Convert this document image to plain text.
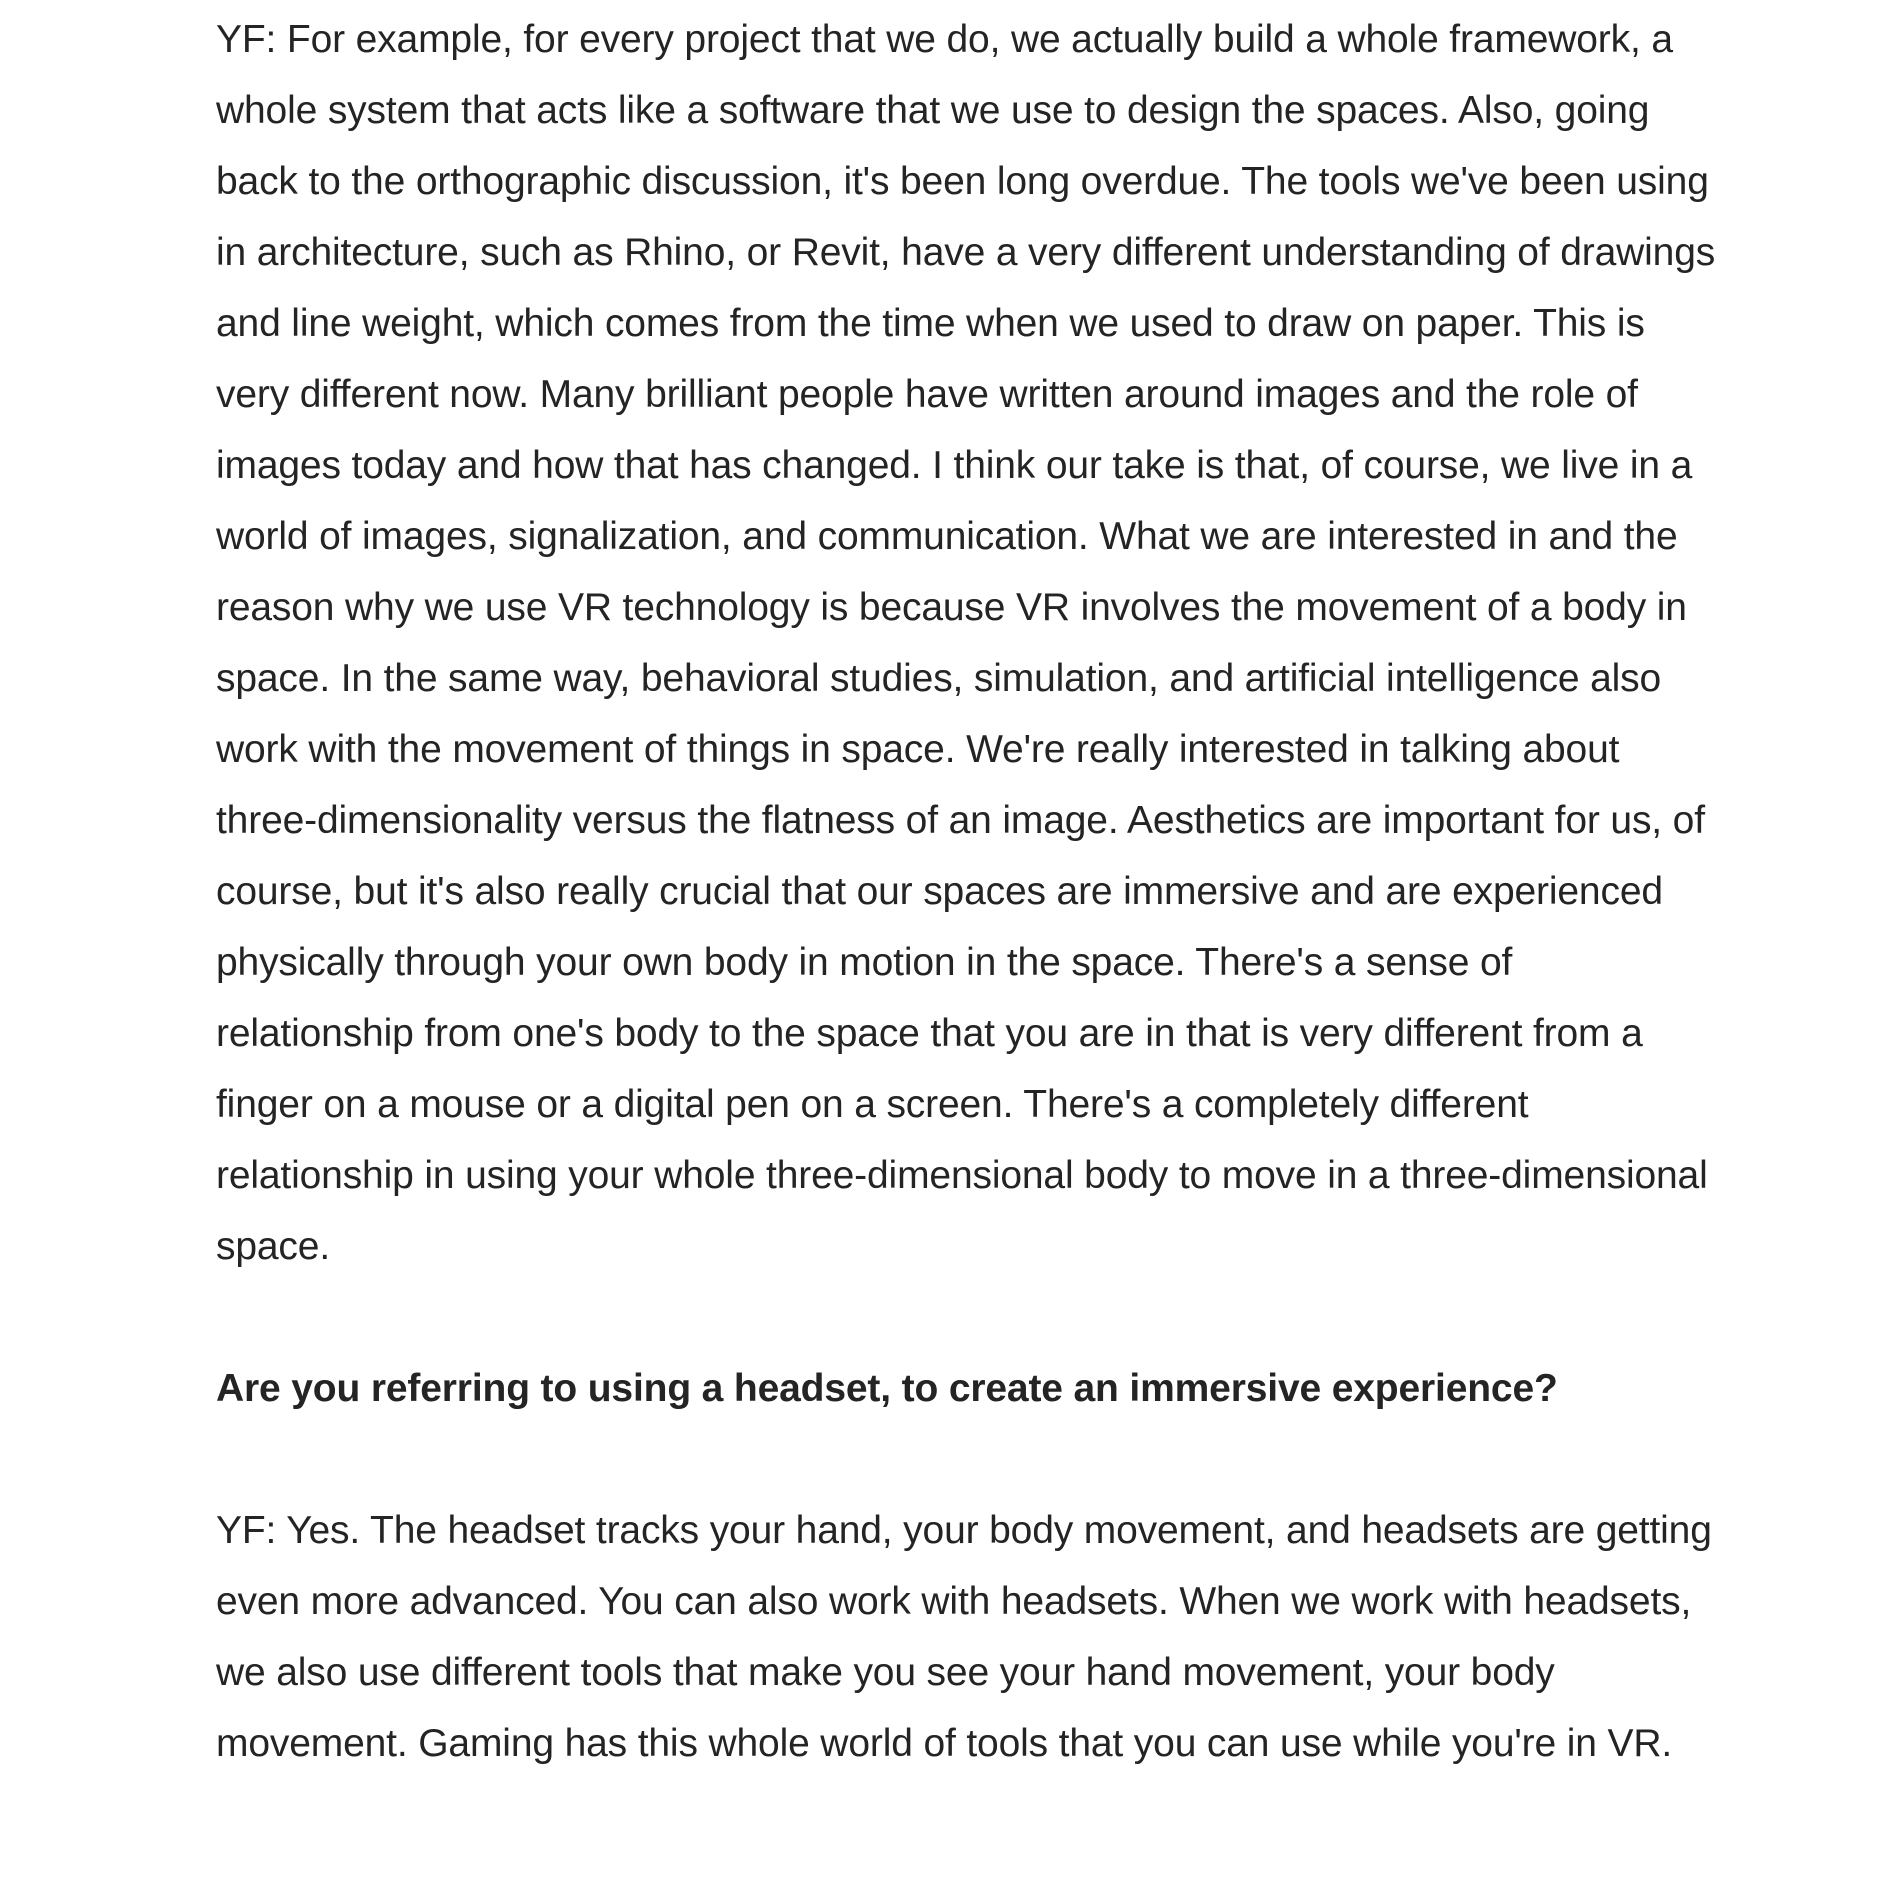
YF: For example, for every project that we do, we actually build a whole framework, a whole system that acts like a software that we use to design the spaces. Also, going back to the orthographic discussion, it's been long overdue. The tools we've been using in architecture, such as Rhino, or Revit, have a very different understanding of drawings and line weight, which comes from the time when we used to draw on paper. This is very different now. Many brilliant people have written around images and the role of images today and how that has changed. I think our take is that, of course, we live in a world of images, signalization, and communication. What we are interested in and the reason why we use VR technology is because VR involves the movement of a body in space. In the same way, behavioral studies, simulation, and artificial intelligence also work with the movement of things in space. We're really interested in talking about three-dimensionality versus the flatness of an image. Aesthetics are important for us, of course, but it's also really crucial that our spaces are immersive and are experienced physically through your own body in motion in the space. There's a sense of relationship from one's body to the space that you are in that is very different from a finger on a mouse or a digital pen on a screen. There's a completely different relationship in using your whole three-dimensional body to move in a three-dimensional space.

Are you referring to using a headset, to create an immersive experience?

YF: Yes. The headset tracks your hand, your body movement, and headsets are getting even more advanced. You can also work with headsets. When we work with headsets, we also use different tools that make you see your hand movement, your body movement. Gaming has this whole world of tools that you can use while you're in VR.
